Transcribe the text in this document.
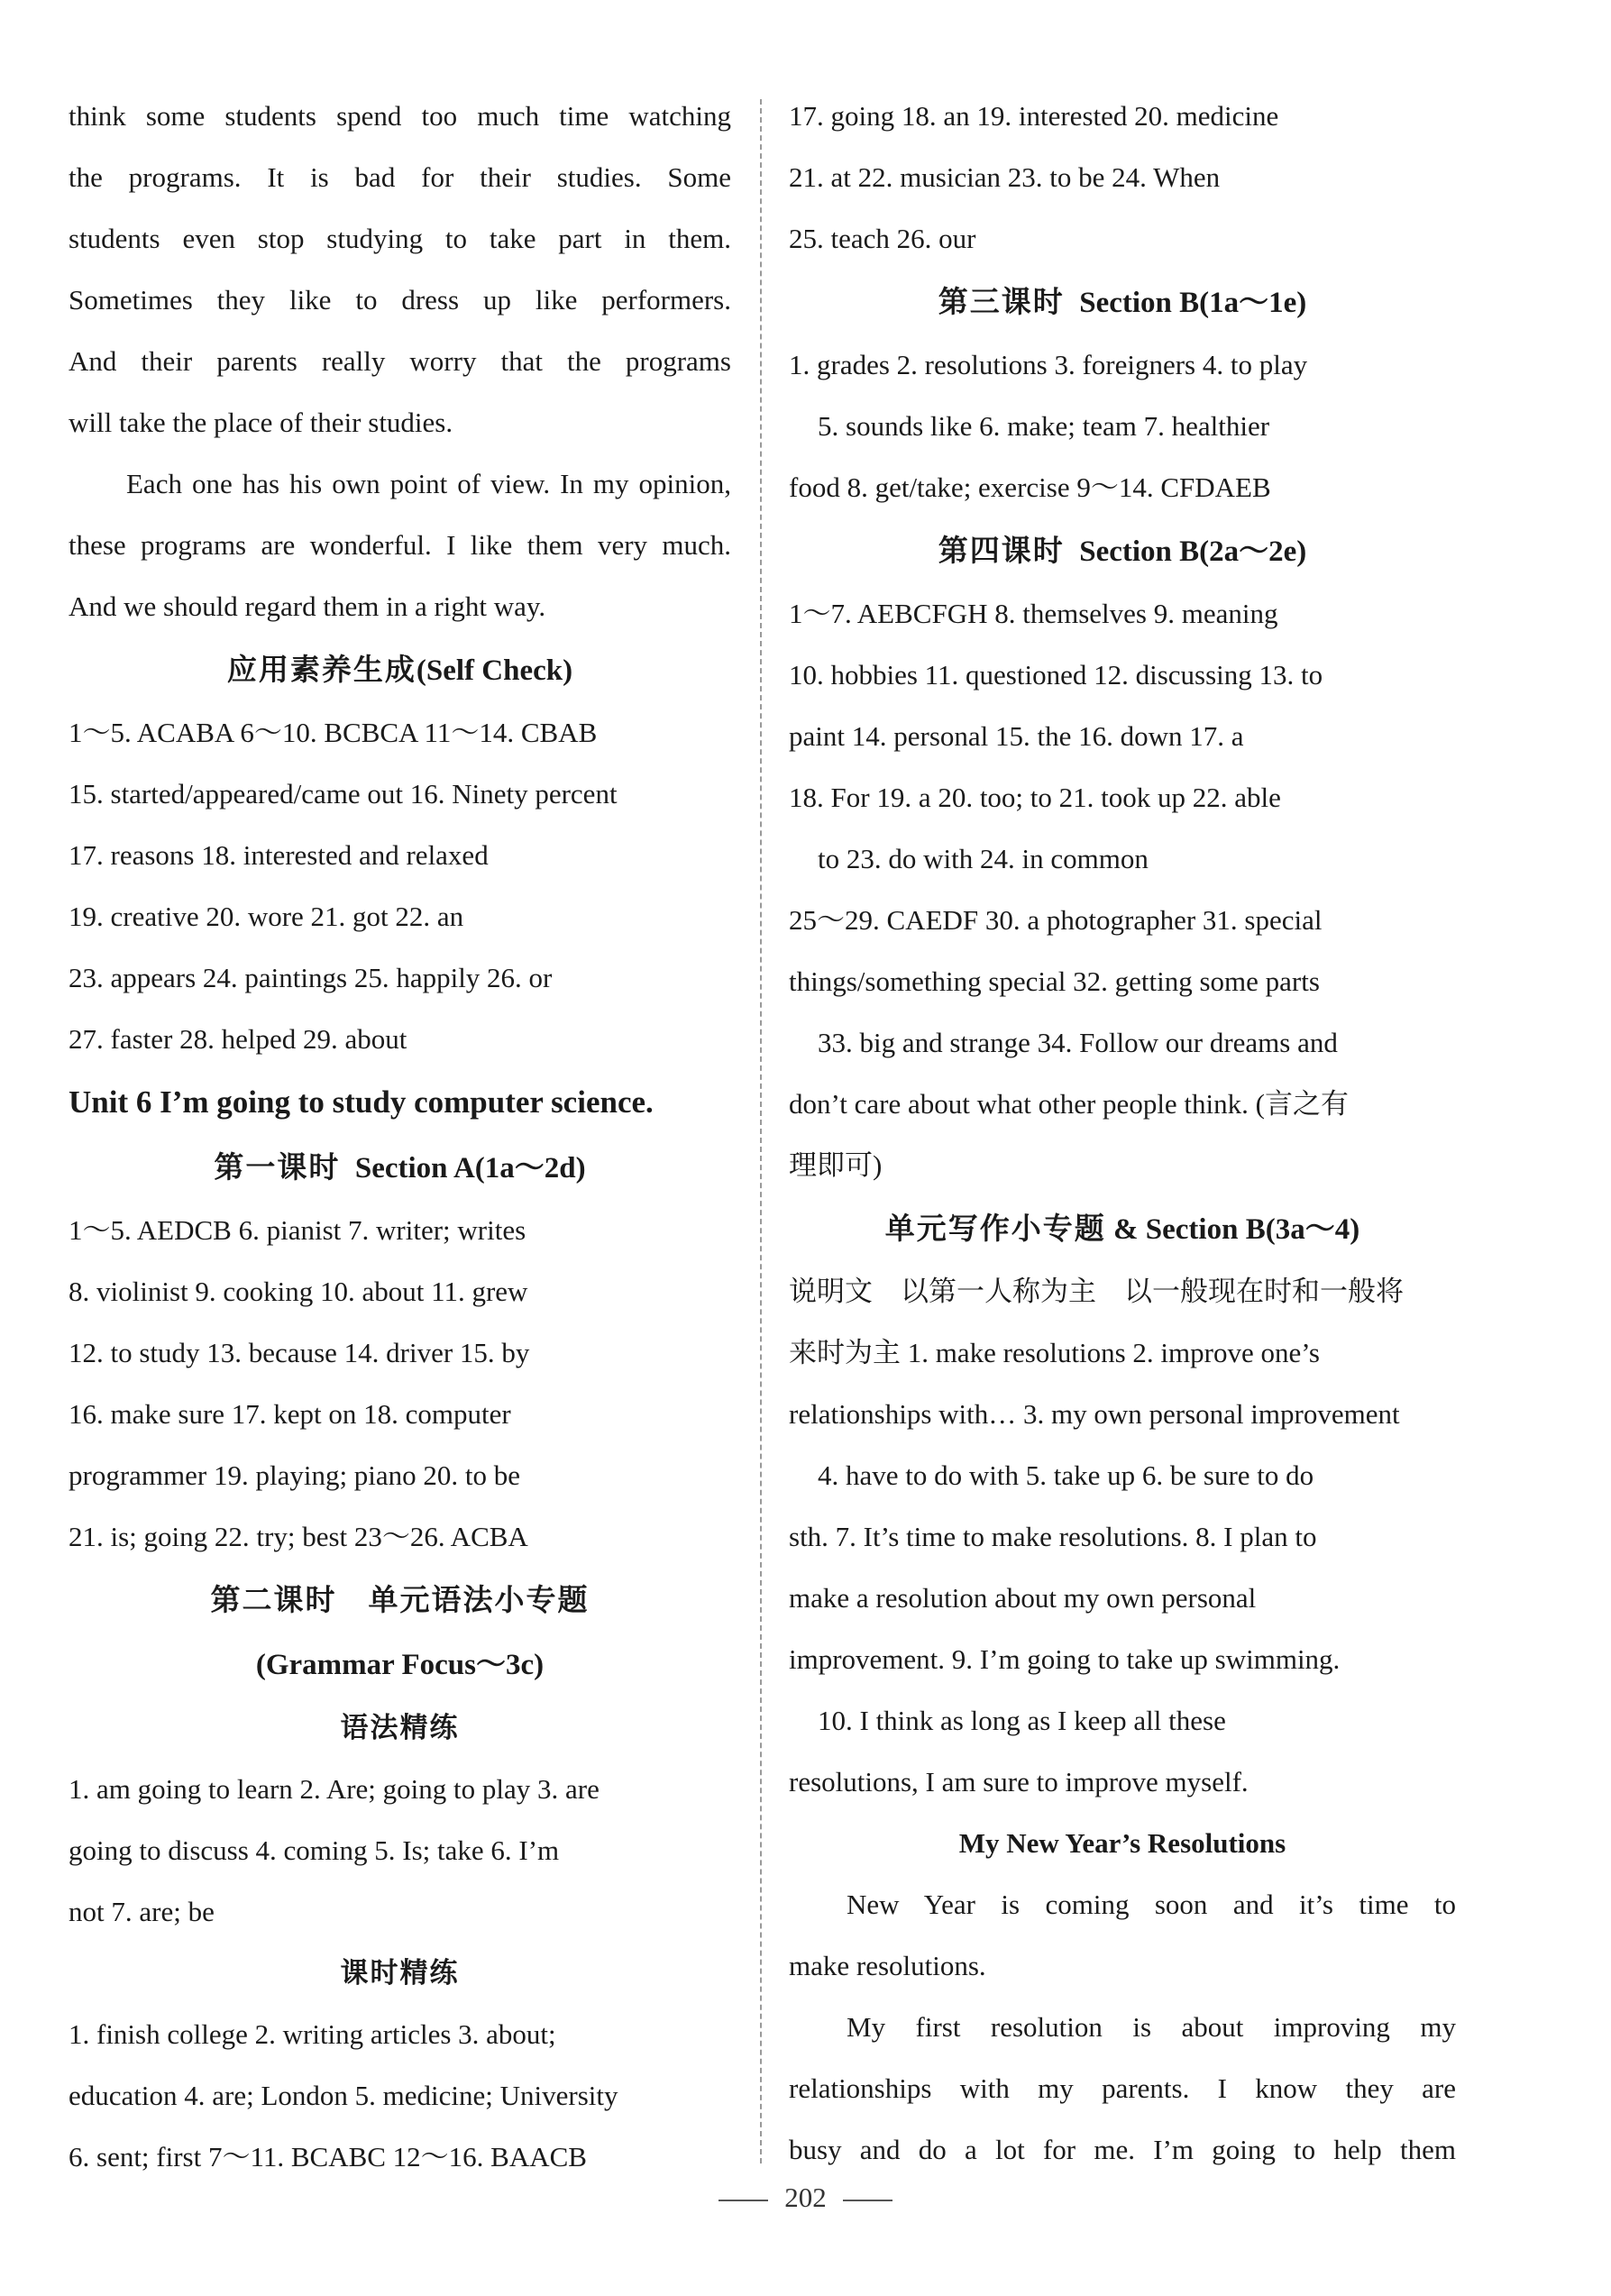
think some students spend too much time watching
the programs. It is bad for their studies. Some
students even stop studying to take part in them.
Sometimes they like to dress up like performers.
And their parents really worry that the programs
will take the place of their studies.
Each one has his own point of view. In my opinion,
these programs are wonderful. I like them very much.
And we should regard them in a right way.
应用素养生成(Self Check)
1～5. ACABA 6～10. BCBCA 11～14. CBAB
15. started/appeared/came out 16. Ninety percent
17. reasons 18. interested and relaxed
19. creative 20. wore 21. got 22. an
23. appears 24. paintings 25. happily 26. or
27. faster 28. helped 29. about
Unit 6 I’m going to study computer science.
第一课时 Section A(1a～2d)
1～5. AEDCB 6. pianist 7. writer; writes
8. violinist 9. cooking 10. about 11. grew
12. to study 13. because 14. driver 15. by
16. make sure 17. kept on 18. computer
programmer 19. playing; piano 20. to be
21. is; going 22. try; best 23～26. ACBA
第二课时　单元语法小专题
(Grammar Focus～3c)
语法精练
1. am going to learn 2. Are; going to play 3. are
going to discuss 4. coming 5. Is; take 6. I’m
not 7. are; be
课时精练
1. finish college 2. writing articles 3. about;
education 4. are; London 5. medicine; University
6. sent; first 7～11. BCABC 12～16. BAACB
17. going 18. an 19. interested 20. medicine
21. at 22. musician 23. to be 24. When
25. teach 26. our
第三课时 Section B(1a～1e)
1. grades 2. resolutions 3. foreigners 4. to play
5. sounds like 6. make; team 7. healthier
food 8. get/take; exercise 9～14. CFDAEB
第四课时 Section B(2a～2e)
1～7. AEBCFGH 8. themselves 9. meaning
10. hobbies 11. questioned 12. discussing 13. to
paint 14. personal 15. the 16. down 17. a
18. For 19. a 20. too; to 21. took up 22. able
to 23. do with 24. in common
25～29. CAEDF 30. a photographer 31. special
things/something special 32. getting some parts
33. big and strange 34. Follow our dreams and
don’t care about what other people think. (言之有
理即可)
单元写作小专题 & Section B(3a～4)
说明文　以第一人称为主　以一般现在时和一般将
来时为主 1. make resolutions 2. improve one’s
relationships with… 3. my own personal improvement
4. have to do with 5. take up 6. be sure to do
sth. 7. It’s time to make resolutions. 8. I plan to
make a resolution about my own personal
improvement. 9. I’m going to take up swimming.
10. I think as long as I keep all these
resolutions, I am sure to improve myself.
My New Year’s Resolutions
New Year is coming soon and it’s time to
make resolutions.
My first resolution is about improving my
relationships with my parents. I know they are
busy and do a lot for me. I’m going to help them
202
